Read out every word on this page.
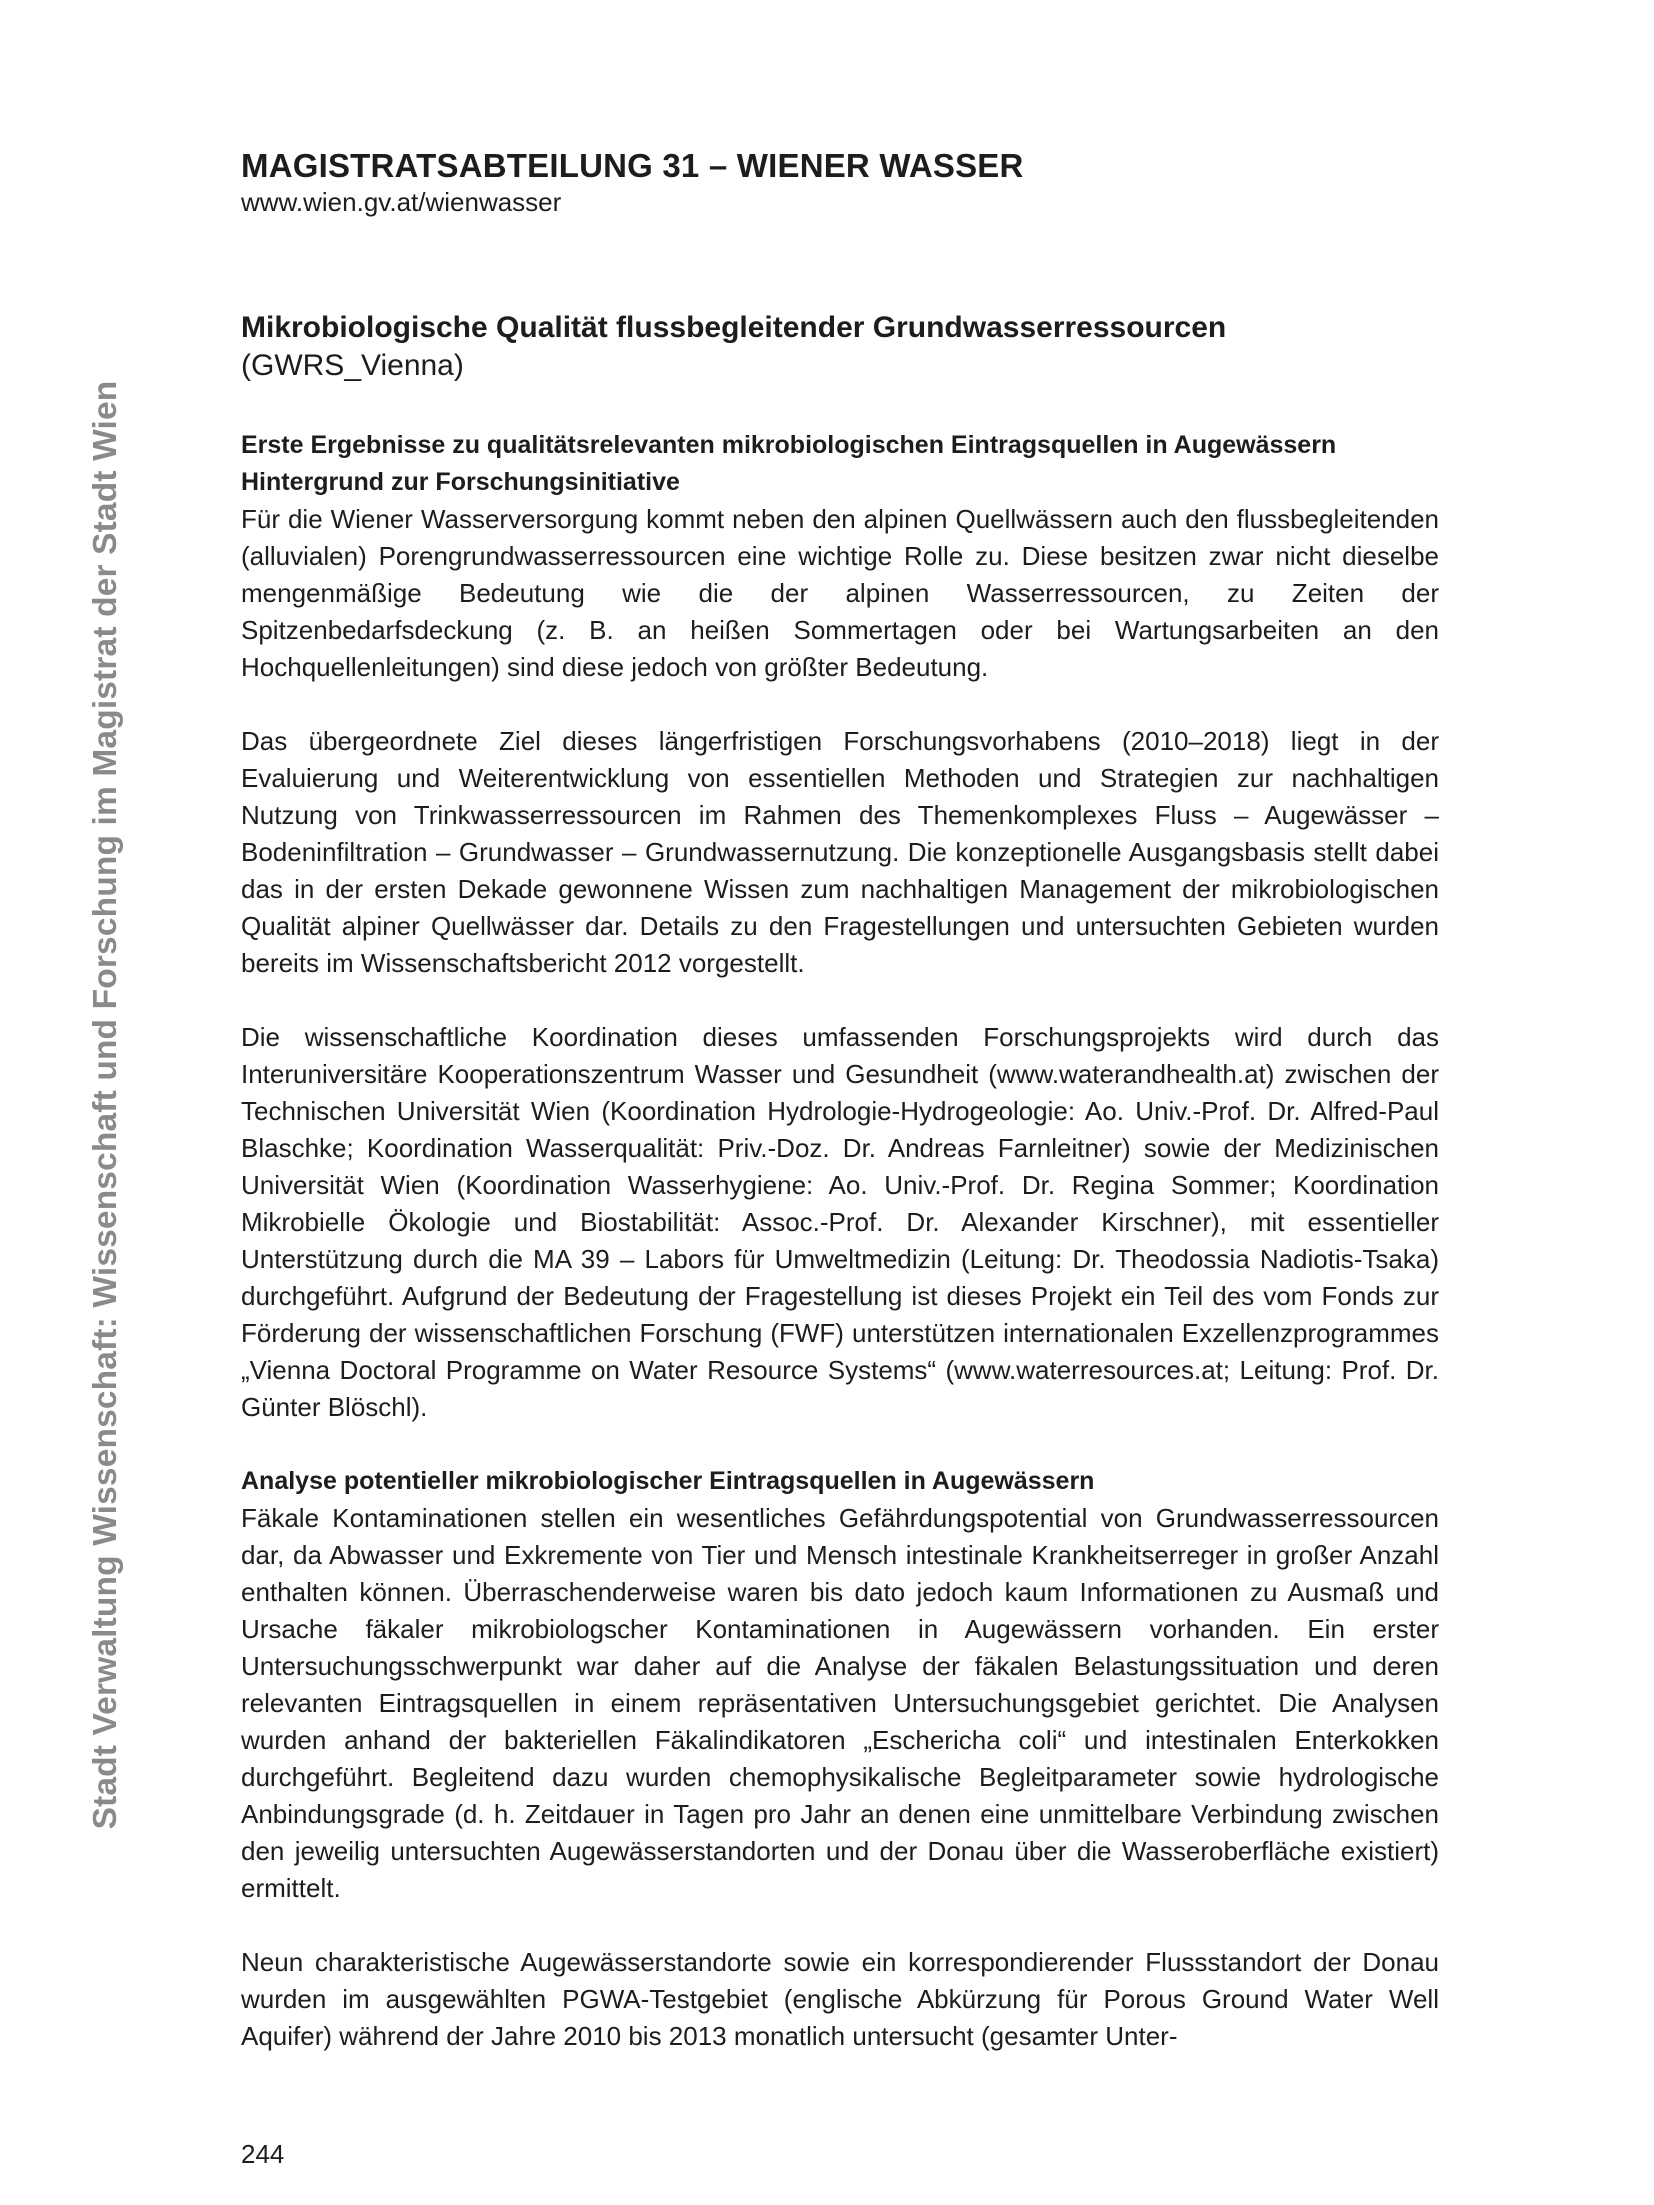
Stadt Verwaltung Wissenschaft: Wissenschaft und Forschung im Magistrat der Stadt Wien
MAGISTRATSABTEILUNG 31 – WIENER WASSER
www.wien.gv.at/wienwasser
Mikrobiologische Qualität flussbegleitender Grundwasserressourcen
(GWRS_Vienna)
Erste Ergebnisse zu qualitätsrelevanten mikrobiologischen Eintragsquellen in Augewässern
Hintergrund zur Forschungsinitiative

Für die Wiener Wasserversorgung kommt neben den alpinen Quellwässern auch den flussbegleitenden (alluvialen) Porengrundwasserressourcen eine wichtige Rolle zu. Diese besitzen zwar nicht dieselbe mengenmäßige Bedeutung wie die der alpinen Wasserressourcen, zu Zeiten der Spitzenbedarfsdeckung (z. B. an heißen Sommertagen oder bei Wartungsarbeiten an den Hochquellenleitungen) sind diese jedoch von größter Bedeutung.

Das übergeordnete Ziel dieses längerfristigen Forschungsvorhabens (2010–2018) liegt in der Evaluierung und Weiterentwicklung von essentiellen Methoden und Strategien zur nachhaltigen Nutzung von Trinkwasserressourcen im Rahmen des Themenkomplexes Fluss – Augewässer – Bodeninfiltration – Grundwasser – Grundwassernutzung. Die konzeptionelle Ausgangsbasis stellt dabei das in der ersten Dekade gewonnene Wissen zum nachhaltigen Management der mikrobiologischen Qualität alpiner Quellwässer dar. Details zu den Fragestellungen und untersuchten Gebieten wurden bereits im Wissenschaftsbericht 2012 vorgestellt.

Die wissenschaftliche Koordination dieses umfassenden Forschungsprojekts wird durch das Interuniversitäre Kooperationszentrum Wasser und Gesundheit (www.waterandhealth.at) zwischen der Technischen Universität Wien (Koordination Hydrologie-Hydrogeologie: Ao. Univ.-Prof. Dr. Alfred-Paul Blaschke; Koordination Wasserqualität: Priv.-Doz. Dr. Andreas Farnleitner) sowie der Medizinischen Universität Wien (Koordination Wasserhygiene: Ao. Univ.-Prof. Dr. Regina Sommer; Koordination Mikrobielle Ökologie und Biostabilität: Assoc.-Prof. Dr. Alexander Kirschner), mit essentieller Unterstützung durch die MA 39 – Labors für Umweltmedizin (Leitung: Dr. Theodossia Nadiotis-Tsaka) durchgeführt. Aufgrund der Bedeutung der Fragestellung ist dieses Projekt ein Teil des vom Fonds zur Förderung der wissenschaftlichen Forschung (FWF) unterstützen internationalen Exzellenzprogrammes „Vienna Doctoral Programme on Water Resource Systems“ (www.waterresources.at; Leitung: Prof. Dr. Günter Blöschl).

Analyse potentieller mikrobiologischer Eintragsquellen in Augewässern

Fäkale Kontaminationen stellen ein wesentliches Gefährdungspotential von Grundwasserressourcen dar, da Abwasser und Exkremente von Tier und Mensch intestinale Krankheitserreger in großer Anzahl enthalten können. Überraschenderweise waren bis dato jedoch kaum Informationen zu Ausmaß und Ursache fäkaler mikrobiologscher Kontaminationen in Augewässern vorhanden. Ein erster Untersuchungsschwerpunkt war daher auf die Analyse der fäkalen Belastungssituation und deren relevanten Eintragsquellen in einem repräsentativen Untersuchungsgebiet gerichtet. Die Analysen wurden anhand der bakteriellen Fäkalindikatoren „Eschericha coli“ und intestinalen Enterkokken durchgeführt. Begleitend dazu wurden chemophysikalische Begleitparameter sowie hydrologische Anbindungsgrade (d. h. Zeitdauer in Tagen pro Jahr an denen eine unmittelbare Verbindung zwischen den jeweilig untersuchten Augewässerstandorten und der Donau über die Wasseroberfläche existiert) ermittelt.

Neun charakteristische Augewässerstandorte sowie ein korrespondierender Flussstandort der Donau wurden im ausgewählten PGWA-Testgebiet (englische Abkürzung für Porous Ground Water Well Aquifer) während der Jahre 2010 bis 2013 monatlich untersucht (gesamter Unter-

244
